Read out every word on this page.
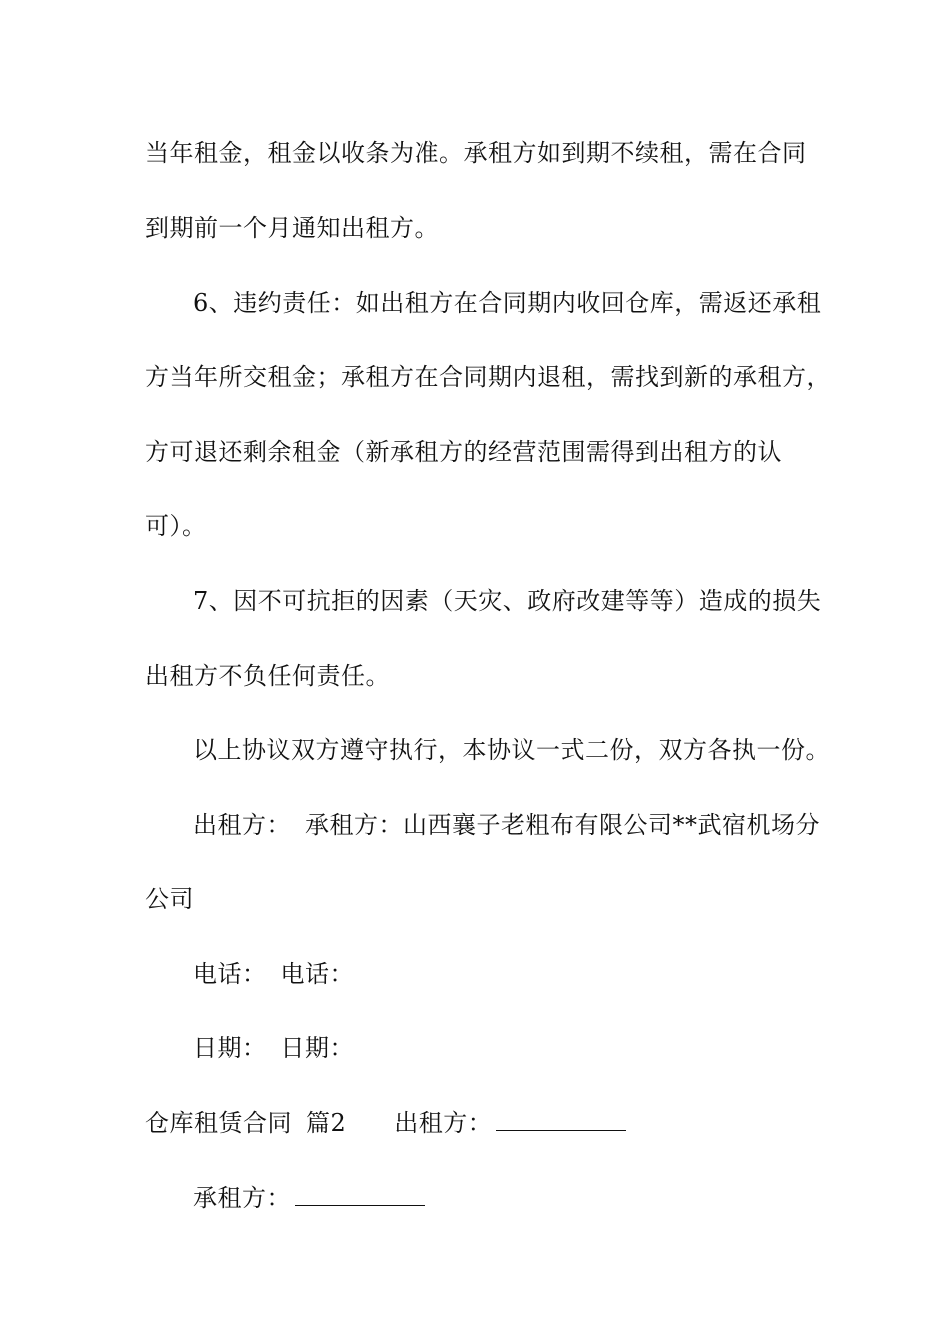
当年租金，租金以收条为准。承租方如到期不续租，需在合同
到期前一个月通知出租方。
6、违约责任：如出租方在合同期内收回仓库，需返还承租
方当年所交租金；承租方在合同期内退租，需找到新的承租方，
方可退还剩余租金（新承租方的经营范围需得到出租方的认
可）。
7、因不可抗拒的因素（天灾、政府改建等等）造成的损失
出租方不负任何责任。
以上协议双方遵守执行，本协议一式二份，双方各执一份。
出租方： 承租方：山西襄子老粗布有限公司**武宿机场分
公司
电话： 电话：
日期： 日期：
仓库租赁合同 篇2 出租方：
承租方：
